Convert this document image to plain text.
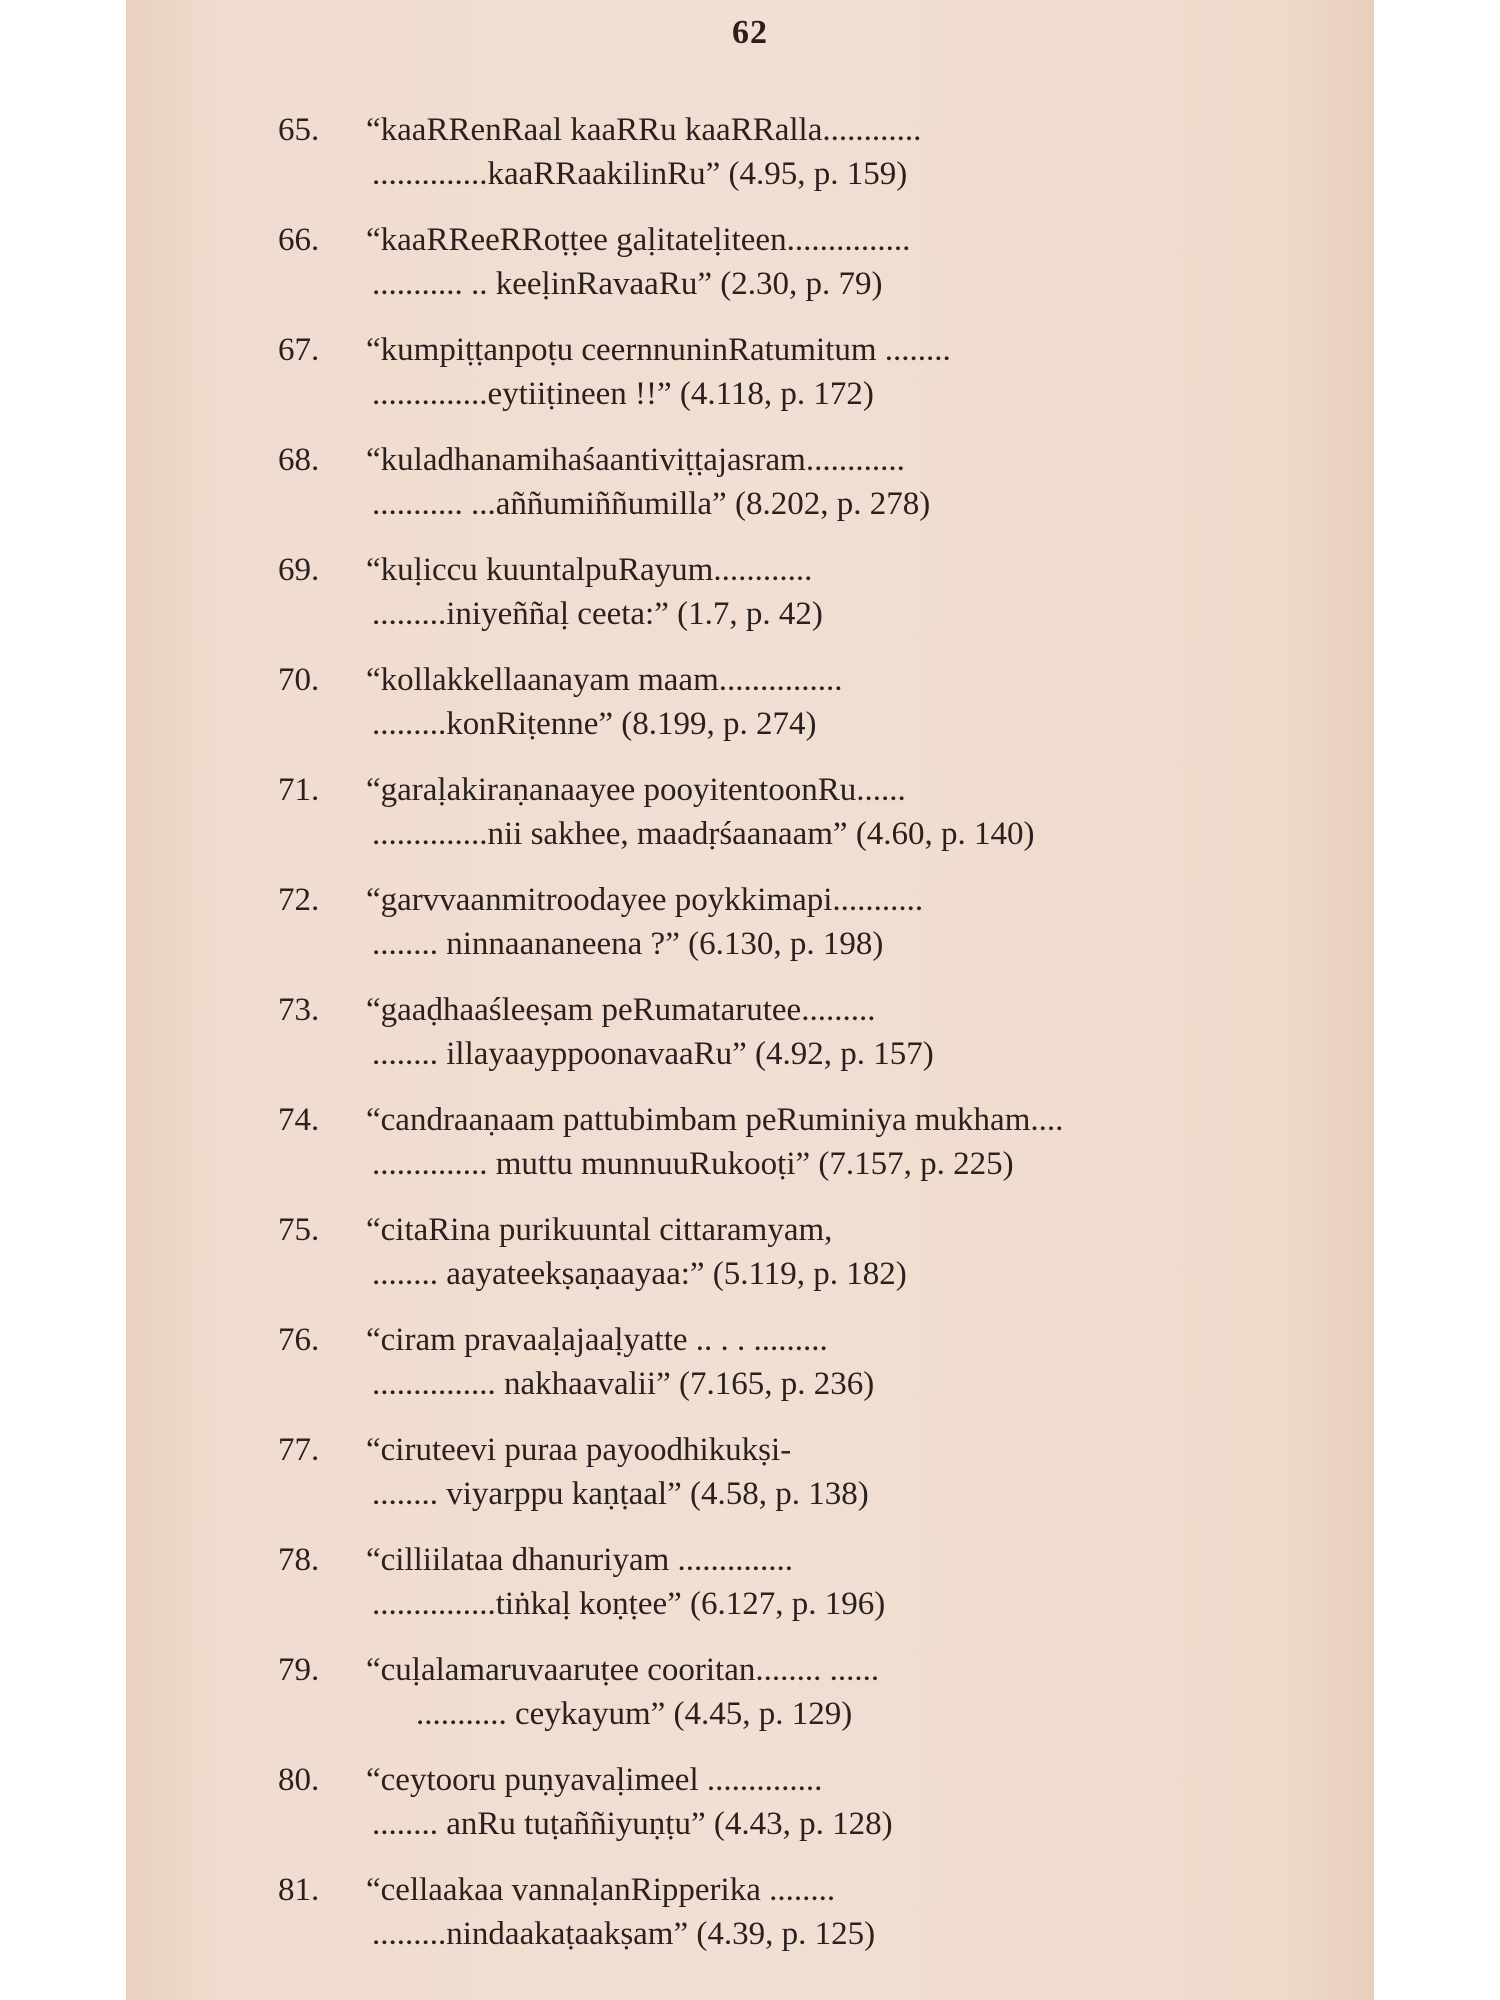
62
65. “kaaRRenRaal kaaRRu kaaRRalla............
..............kaaRRaakilinRu” (4.95, p. 159)
66. “kaaRReeRRoṭṭee gaḷitateḷiteen...............
........... .. keeḷinRavaaRu” (2.30, p. 79)
67. “kumpiṭṭanpoṭu ceernnuninRatumitum ........
..............eytiiṭineen !!” (4.118, p. 172)
68. “kuladhanamihaśaantiviṭṭajasram............
........... ...aññumiññumilla” (8.202, p. 278)
69. “kuḷiccu kuuntalpuRayum............
.........iniyeññaḷ ceeta:” (1.7, p. 42)
70. “kollakkellaanayam maam...............
.........konRiṭenne” (8.199, p. 274)
71. “garaḷakiraṇanaayee pooyitentoonRu......
..............nii sakhee, maadṛśaanaam” (4.60, p. 140)
72. “garvvaanmitroodayee poykkimapi...........
........ ninnaananeena ?” (6.130, p. 198)
73. “gaaḍhaaśleeṣam peRumatarutee.........
........ illayaayppoonavaaRu” (4.92, p. 157)
74. “candraaṇaam pattubimbam peRuminiya mukham....
.............. muttu munnuuRukooṭi” (7.157, p. 225)
75. “citaRina purikuuntal cittaramyam,
........ aayateekṣaṇaayaa:” (5.119, p. 182)
76. “ciram pravaaḷajaaḷyatte .. . . .........
............... nakhaavalii” (7.165, p. 236)
77. “ciruteevi puraa payoodhikukṣi-
........ viyarppu kaṇṭaal” (4.58, p. 138)
78. “cilliilataa dhanuriyam ..............
...............tiṅkaḷ koṇṭee” (6.127, p. 196)
79. “cuḷalamaruvaaruṭee cooritan........ ......
........... ceykayum” (4.45, p. 129)
80. “ceytooru puṇyavaḷimeel ..............
........ anRu tuṭaññiyuṇṭu” (4.43, p. 128)
81. “cellaakaa vannaḷanRipperika ........
.........nindaakaṭaakṣam” (4.39, p. 125)
